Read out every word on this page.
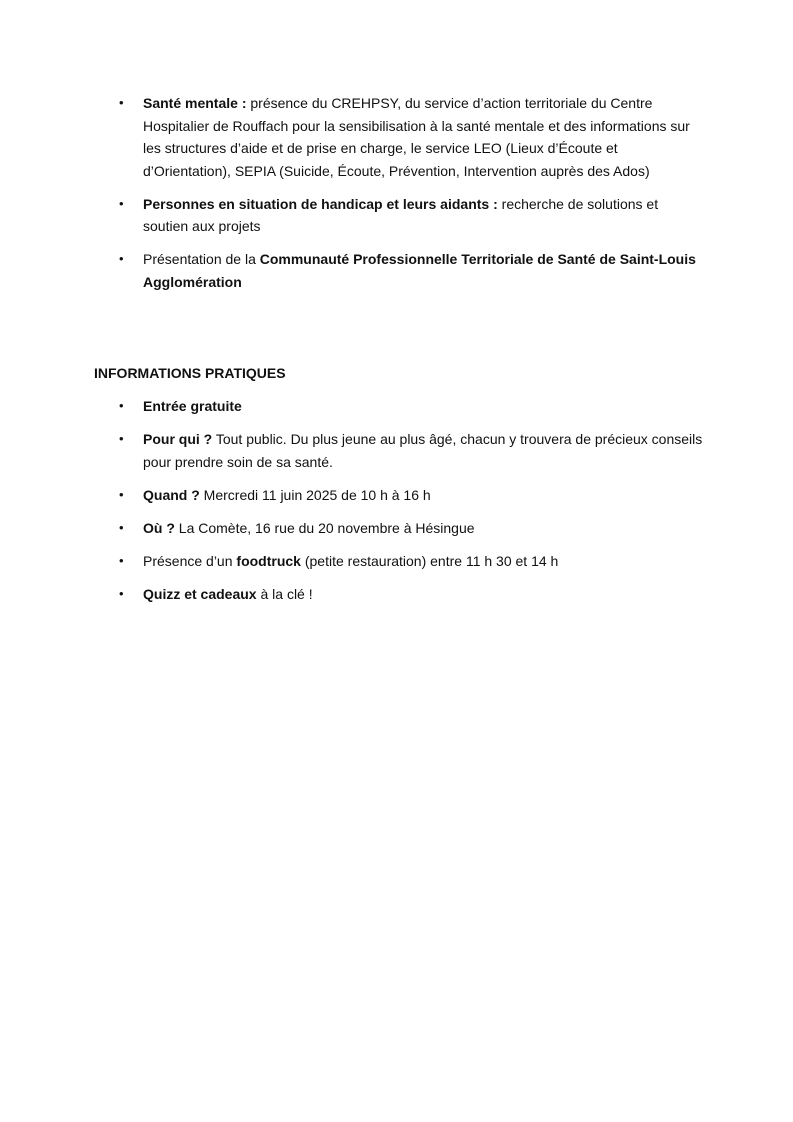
• Santé mentale : présence du CREHPSY, du service d’action territoriale du Centre Hospitalier de Rouffach pour la sensibilisation à la santé mentale et des informations sur les structures d’aide et de prise en charge, le service LEO (Lieux d’Écoute et d’Orientation), SEPIA (Suicide, Écoute, Prévention, Intervention auprès des Ados)
• Personnes en situation de handicap et leurs aidants : recherche de solutions et soutien aux projets
• Présentation de la Communauté Professionnelle Territoriale de Santé de Saint-Louis Agglomération
INFORMATIONS PRATIQUES
• Entrée gratuite
• Pour qui ? Tout public. Du plus jeune au plus âgé, chacun y trouvera de précieux conseils pour prendre soin de sa santé.
• Quand ? Mercredi 11 juin 2025 de 10 h à 16 h
• Où ? La Comète, 16 rue du 20 novembre à Hésingue
• Présence d’un foodtruck (petite restauration) entre 11 h 30 et 14 h
• Quizz et cadeaux à la clé !
